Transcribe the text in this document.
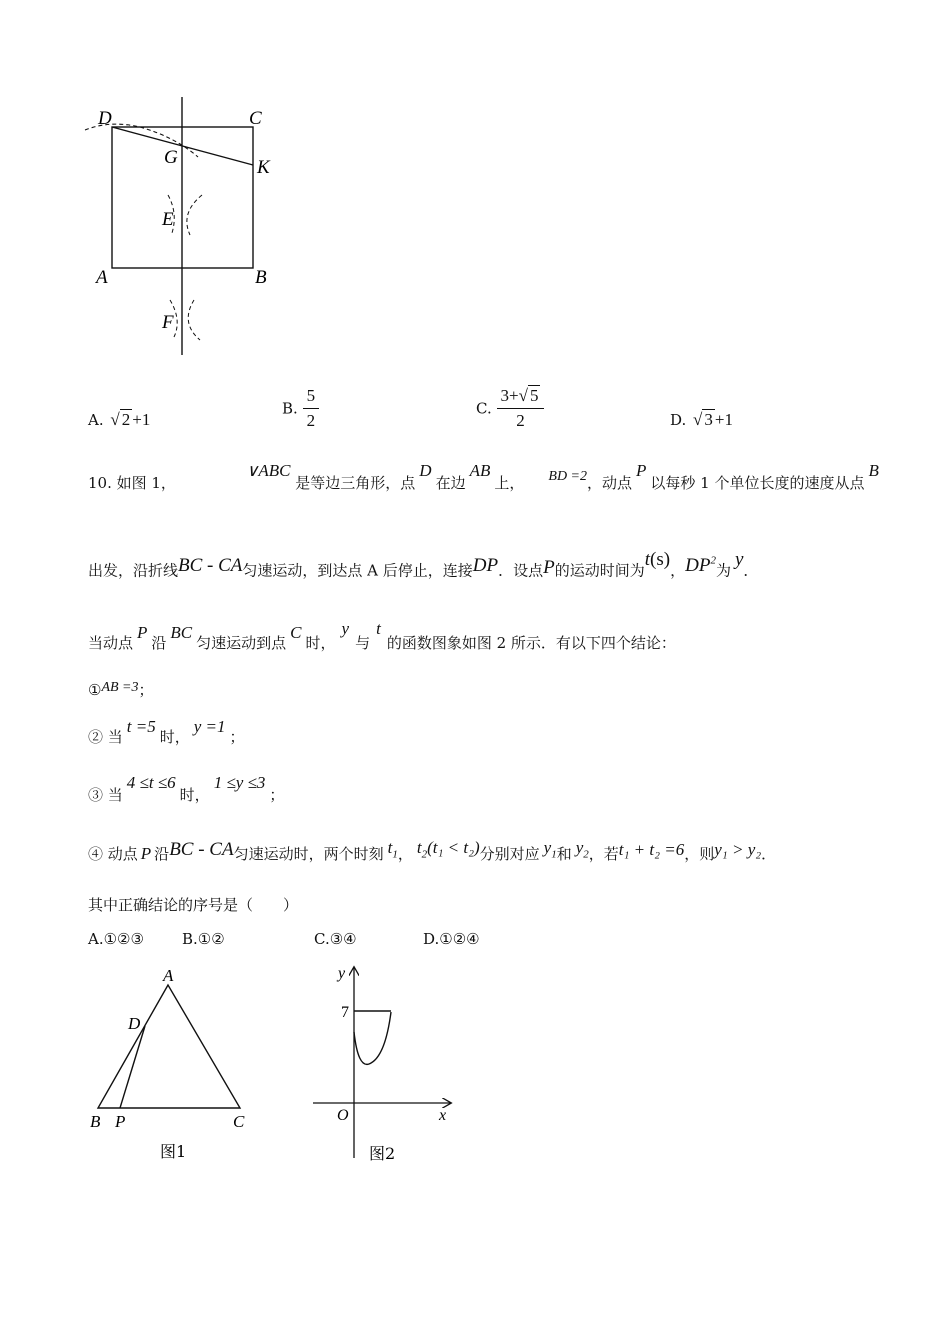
D	C
G	K
E
A	B
F
A. √ 2 +1
B. $\frac{5}{2}$	C. $\frac{3+√ 5}{2}$	D. √ 3 +1
10. 如图 1，∨ABC 是等边三角形，点D在边AB上， BD =2，动点P以每秒 1 个单位长度的速度从点B
出发，沿折线BC - CA匀速运动，到达点 A 后停止，连接DP．设点P的运动时间为t(s)，$DP^2$为 y．
当动点P沿BC匀速运动到点C时，y与t的函数图象如图 2 所示．有以下四个结论：
①AB =3；
② 当t =5时，y =1；
③ 当4 ≤t ≤6时，1 ≤y ≤3；
④ 动点 P 沿BC - CA匀速运动时，两个时刻 $t_1$， $t_2(t_1 < t_2)$分别对应 $y_1$和 $y_2$，若t₁ + t₂ =6，则y₁ > y₂．
其中正确结论的序号是（　　）
A.①②③	B.①②	C.③④	D.①②④
A
D
B P	C
图1
y
7
O	x
图2
